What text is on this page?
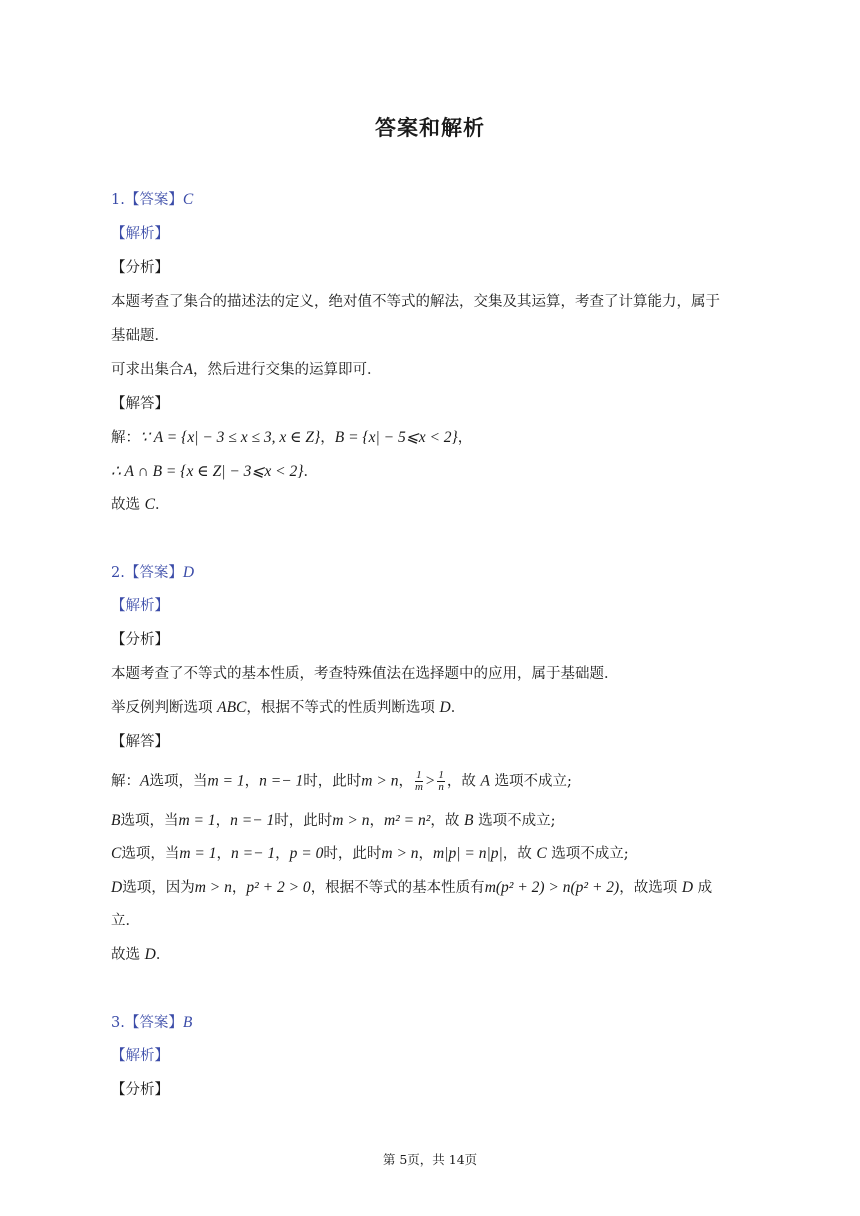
答案和解析
1.【答案】C
【解析】
【分析】
本题考查了集合的描述法的定义，绝对值不等式的解法，交集及其运算，考查了计算能力，属于
基础题．
可求出集合A，然后进行交集的运算即可．
【解答】
解：∵ A = {x| − 3 ≤ x ≤ 3, x ∈ Z}，B = {x| − 5⩽x < 2}，
∴ A ∩ B = {x ∈ Z| − 3⩽x < 2}．
故选 C．
2.【答案】D
【解析】
【分析】
本题考查了不等式的基本性质，考查特殊值法在选择题中的应用，属于基础题．
举反例判断选项 ABC，根据不等式的性质判断选项 D．
【解答】
解：A选项，当m = 1，n =− 1时，此时m > n， $\frac{1}{m} > \frac{1}{n}$ ，故 A 选项不成立;
B选项，当m = 1，n =− 1时，此时m > n，m² = n²，故 B 选项不成立;
C选项，当m = 1，n =− 1，p = 0时，此时m > n，m|p| = n|p|，故 C 选项不成立;
D选项，因为m > n，p² + 2 > 0，根据不等式的基本性质有m(p² + 2) > n(p² + 2)，故选项 D 成
立．
故选 D．
3.【答案】B
【解析】
【分析】
第 5页，共 14页
